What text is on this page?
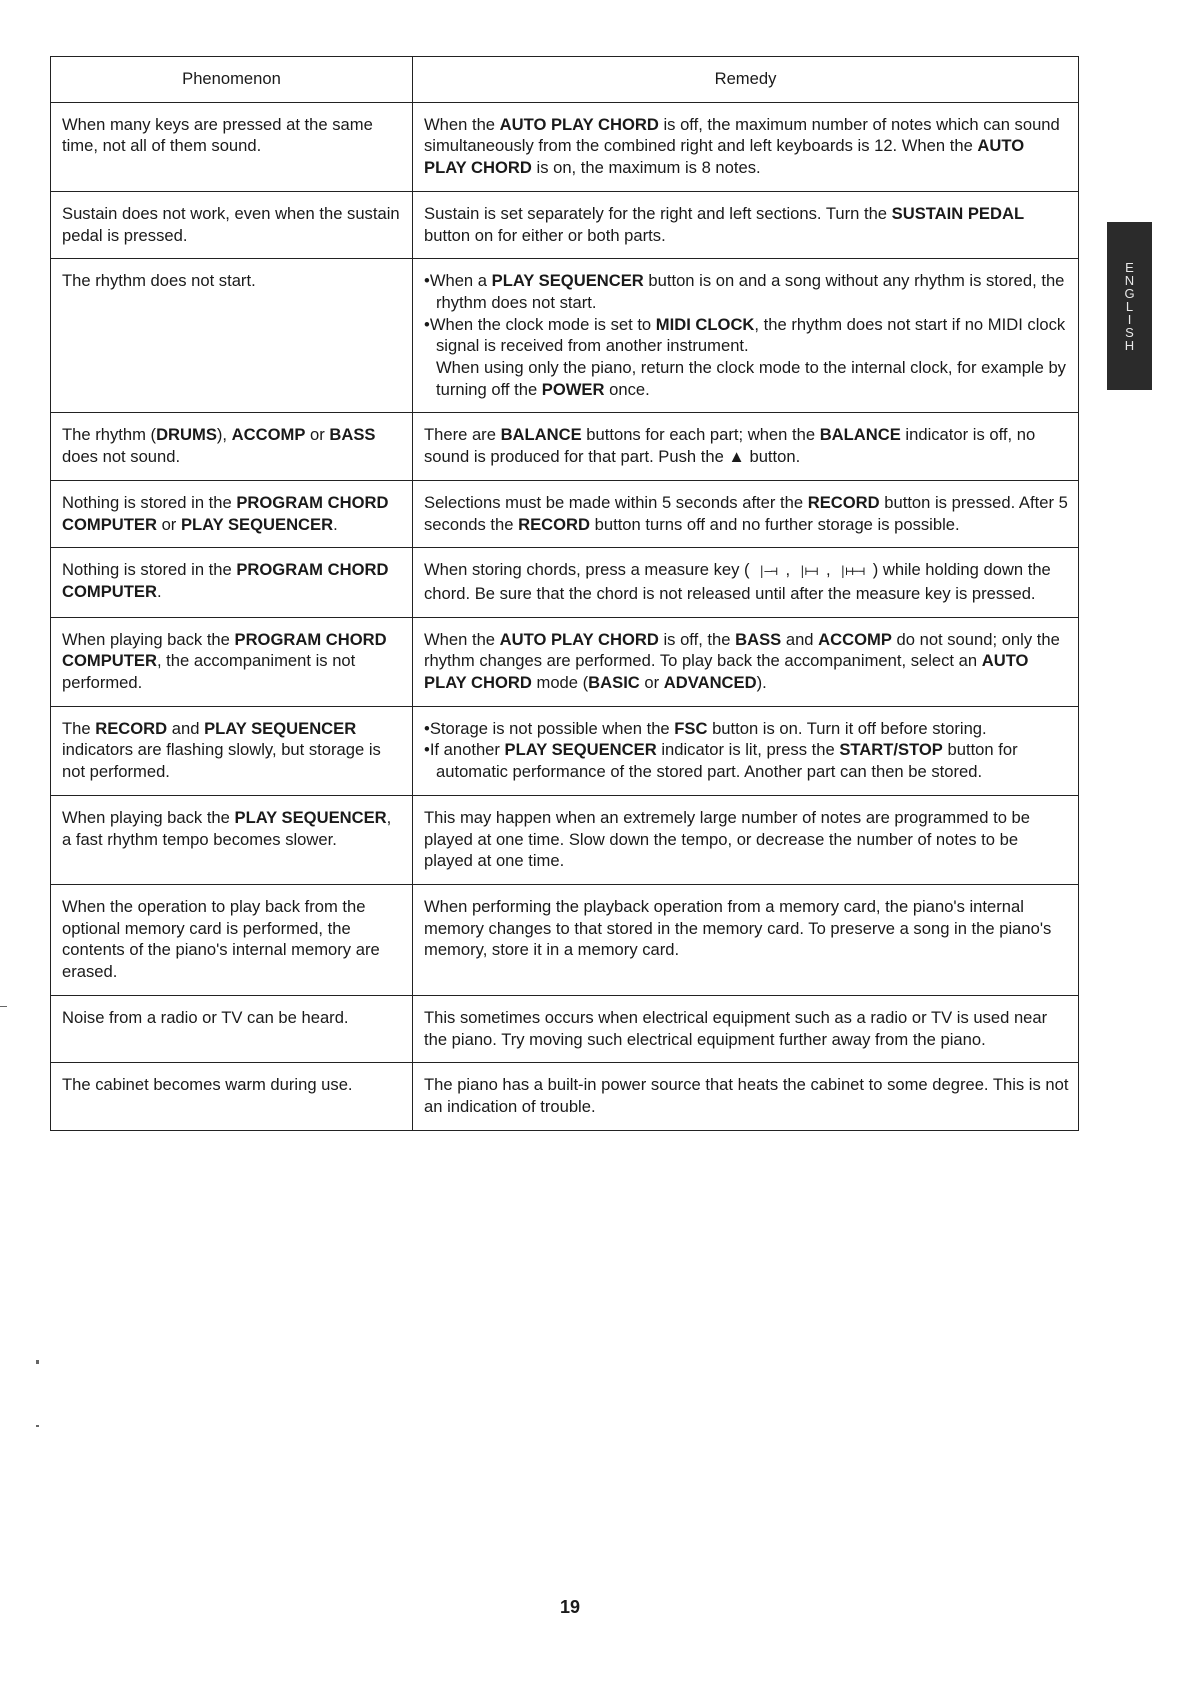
Phenomenon	Remedy
When many keys are pressed at the same time, not all of them sound.	When the AUTO PLAY CHORD is off, the maximum number of notes which can sound simultaneously from the combined right and left keyboards is 12. When the AUTO PLAY CHORD is on, the maximum is 8 notes.

Sustain does not work, even when the sustain pedal is pressed.	Sustain is set separately for the right and left sections. Turn the SUSTAIN PEDAL button on for either or both parts.

The rhythm does not start.	•When a PLAY SEQUENCER button is on and a song without any rhythm is stored, the rhythm does not start.
•When the clock mode is set to MIDI CLOCK, the rhythm does not start if no MIDI clock signal is received from another instrument.
When using only the piano, return the clock mode to the internal clock, for example by turning off the POWER once.

The rhythm (DRUMS), ACCOMP or BASS does not sound.	There are BALANCE buttons for each part; when the BALANCE indicator is off, no sound is produced for that part. Push the ▲ button.

Nothing is stored in the PROGRAM CHORD COMPUTER or PLAY SEQUENCER.	Selections must be made within 5 seconds after the RECORD button is pressed. After 5 seconds the RECORD button turns off and no further storage is possible.

Nothing is stored in the PROGRAM CHORD COMPUTER.	When storing chords, press a measure key ( |—⊣ , |⊢⊣ , |⊢⊢⊣ ) while holding down the chord. Be sure that the chord is not released until after the measure key is pressed.

When playing back the PROGRAM CHORD COMPUTER, the accompaniment is not performed.	When the AUTO PLAY CHORD is off, the BASS and ACCOMP do not sound; only the rhythm changes are performed. To play back the accompaniment, select an AUTO PLAY CHORD mode (BASIC or ADVANCED).

The RECORD and PLAY SEQUENCER indicators are flashing slowly, but storage is not performed.	•Storage is not possible when the FSC button is on. Turn it off before storing.
•If another PLAY SEQUENCER indicator is lit, press the START/STOP button for automatic performance of the stored part. Another part can then be stored.

When playing back the PLAY SEQUENCER, a fast rhythm tempo becomes slower.	This may happen when an extremely large number of notes are programmed to be played at one time. Slow down the tempo, or decrease the number of notes to be played at one time.

When the operation to play back from the optional memory card is performed, the contents of the piano's internal memory are erased.	When performing the playback operation from a memory card, the piano's internal memory changes to that stored in the memory card. To preserve a song in the piano's memory, store it in a memory card.

Noise from a radio or TV can be heard.	This sometimes occurs when electrical equipment such as a radio or TV is used near the piano. Try moving such electrical equipment further away from the piano.

The cabinet becomes warm during use.	The piano has a built-in power source that heats the cabinet to some degree. This is not an indication of trouble.
E
N
G
L
I
S
H
19
